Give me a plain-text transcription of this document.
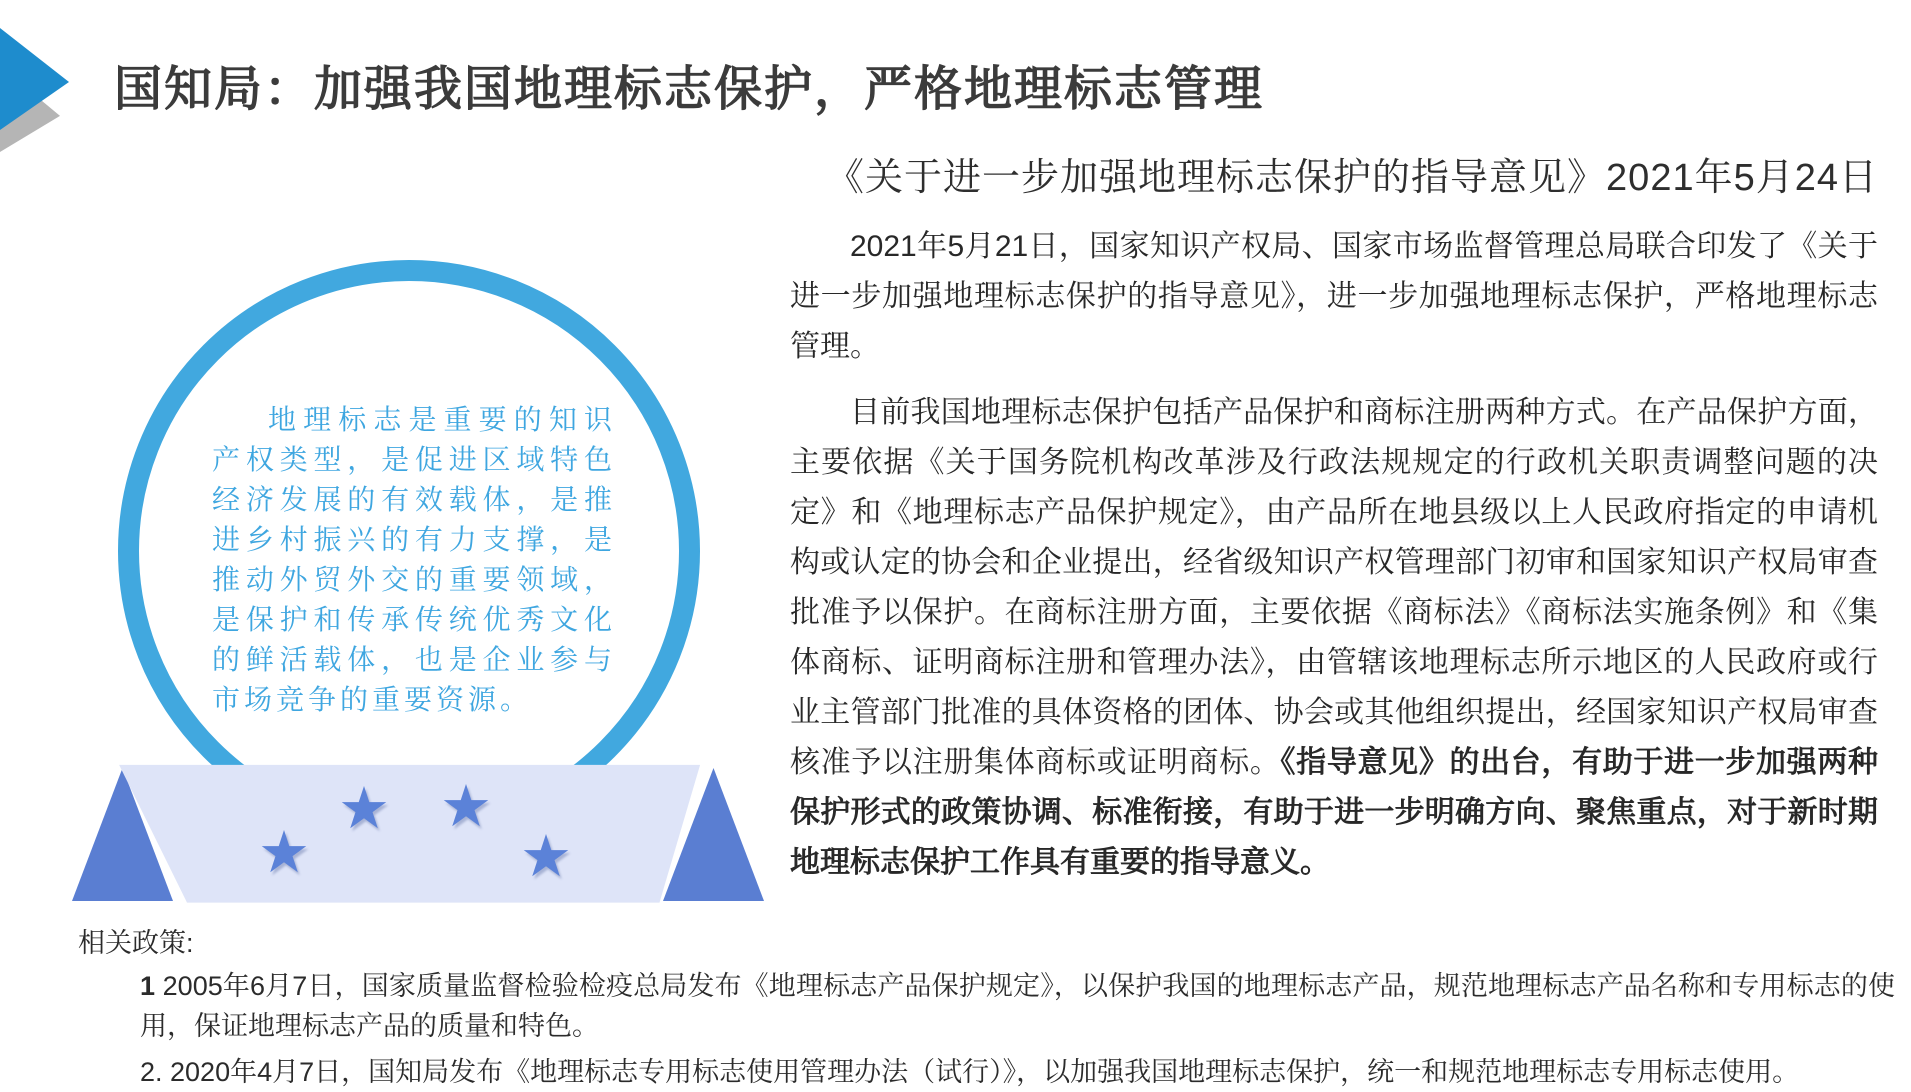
国知局：加强我国地理标志保护，严格地理标志管理
《关于进一步加强地理标志保护的指导意见》2021年5月24日
地理标志是重要的知识产权类型，是促进区域特色经济发展的有效载体，是推进乡村振兴的有力支撑，是推动外贸外交的重要领域，是保护和传承传统优秀文化的鲜活载体，也是企业参与市场竞争的重要资源。
★ ★
★	★

2021年5月21日，国家知识产权局、国家市场监督管理总局联合印发了《关于进一步加强地理标志保护的指导意见》，进一步加强地理标志保护，严格地理标志管理。

目前我国地理标志保护包括产品保护和商标注册两种方式。在产品保护方面，主要依据《关于国务院机构改革涉及行政法规规定的行政机关职责调整问题的决定》和《地理标志产品保护规定》，由产品所在地县级以上人民政府指定的申请机构或认定的协会和企业提出，经省级知识产权管理部门初审和国家知识产权局审查批准予以保护。在商标注册方面，主要依据《商标法》《商标法实施条例》和《集体商标、证明商标注册和管理办法》，由管辖该地理标志所示地区的人民政府或行业主管部门批准的具体资格的团体、协会或其他组织提出，经国家知识产权局审查核准予以注册集体商标或证明商标。《指导意见》的出台，有助于进一步加强两种保护形式的政策协调、标准衔接，有助于进一步明确方向、聚焦重点，对于新时期地理标志保护工作具有重要的指导意义。

相关政策:
1 2005年6月7日，国家质量监督检验检疫总局发布《地理标志产品保护规定》，以保护我国的地理标志产品，规范地理标志产品名称和专用标志的使用，保证地理标志产品的质量和特色。
2. 2020年4月7日，国知局发布《地理标志专用标志使用管理办法（试行）》，以加强我国地理标志保护，统一和规范地理标志专用标志使用。
